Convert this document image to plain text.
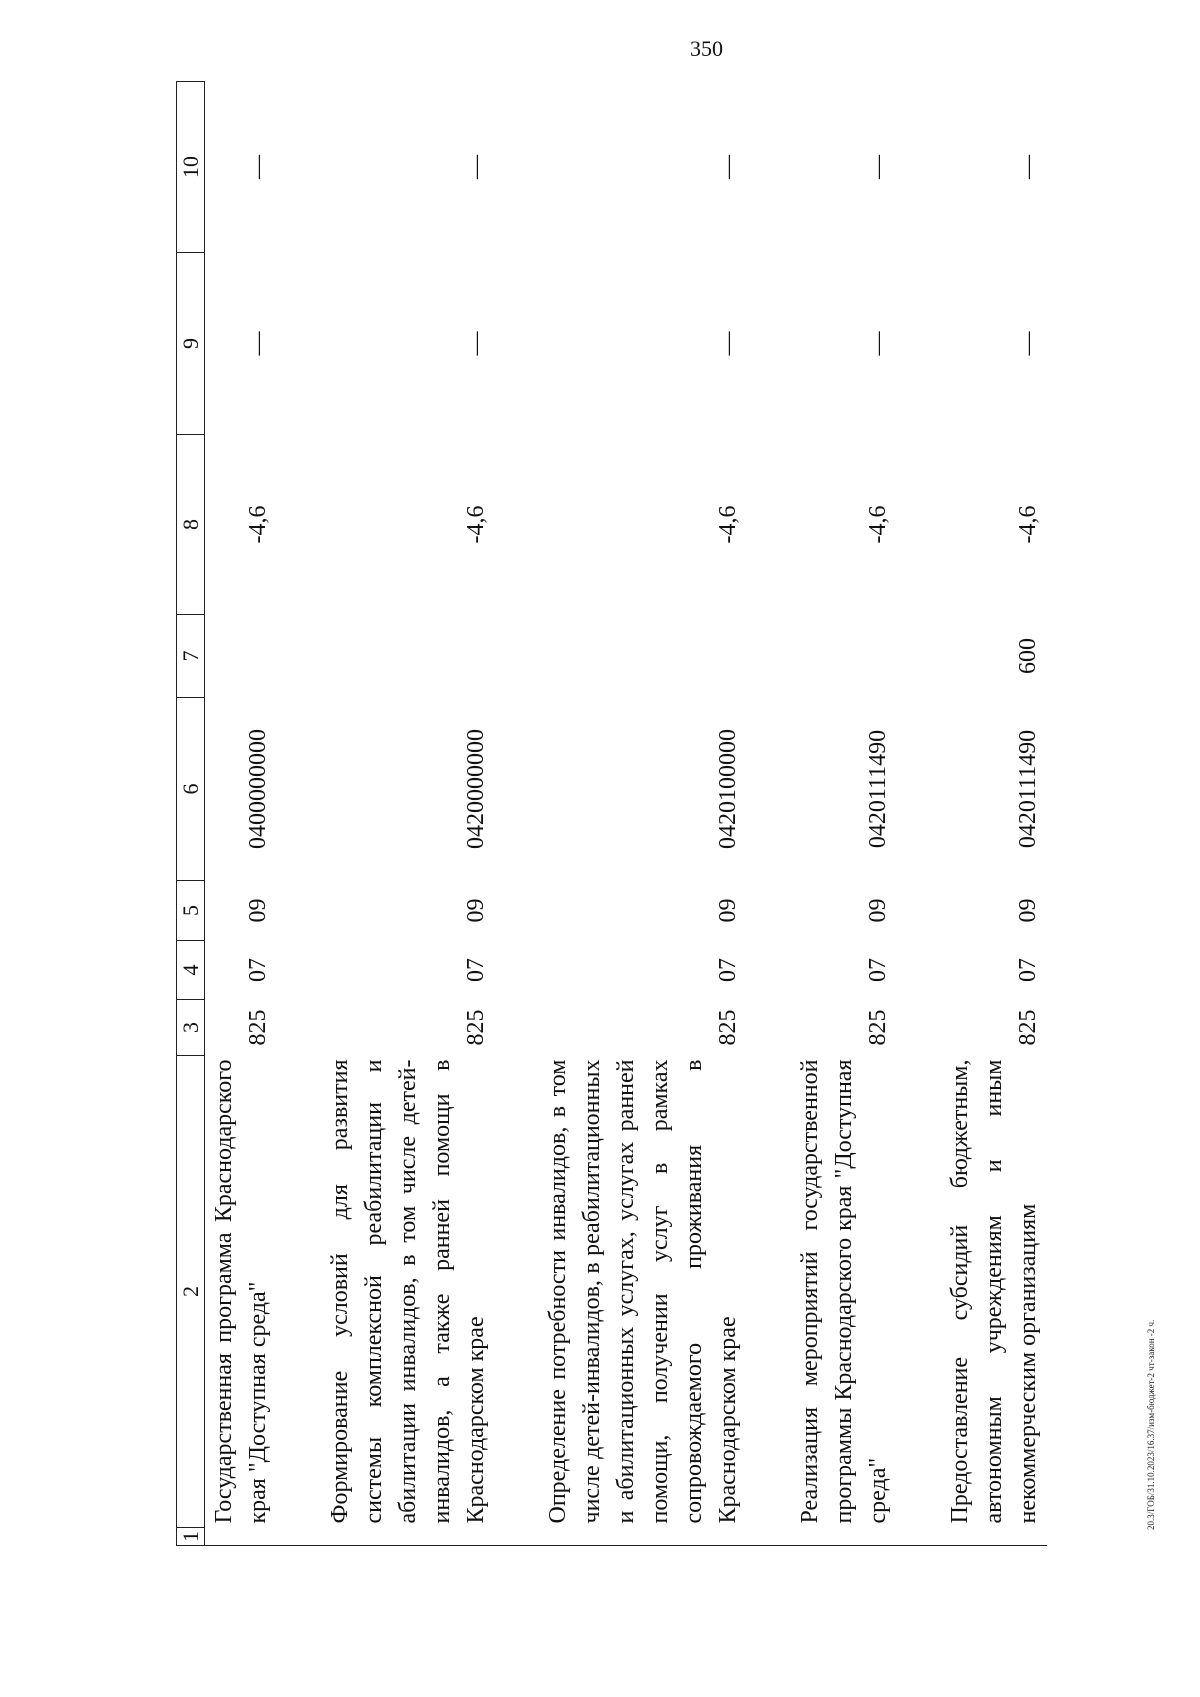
350
1	2	3	4	5	6	7	8	9	10
	Государственная программа Краснодарского края "Доступная среда"	825	07	09	0400000000		-4,6	—	—

	Формирование условий для развития системы комплексной реабилитации и абилитации инвалидов, в том числе детей-инвалидов, а также ранней помощи в Краснодарском крае	825	07	09	0420000000		-4,6	—	—

	Определение потребности инвалидов, в том числе детей-инвалидов, в реабилитационных и абилитационных услугах, услугах ранней помощи, получении услуг в рамках сопровождаемого проживания в Краснодарском крае	825	07	09	0420100000		-4,6	—	—

	Реализация мероприятий государственной программы Краснодарского края "Доступная среда"	825	07	09	0420111490		-4,6	—	—

	Предоставление субсидий бюджетным, автономным учреждениям и иным некоммерческим организациям	825	07	09	0420111490	600	-4,6	—	—
20.3/ГОБ/31.10.2023/16.37/изм-бюджет-2 чт-закон -2 ч.
